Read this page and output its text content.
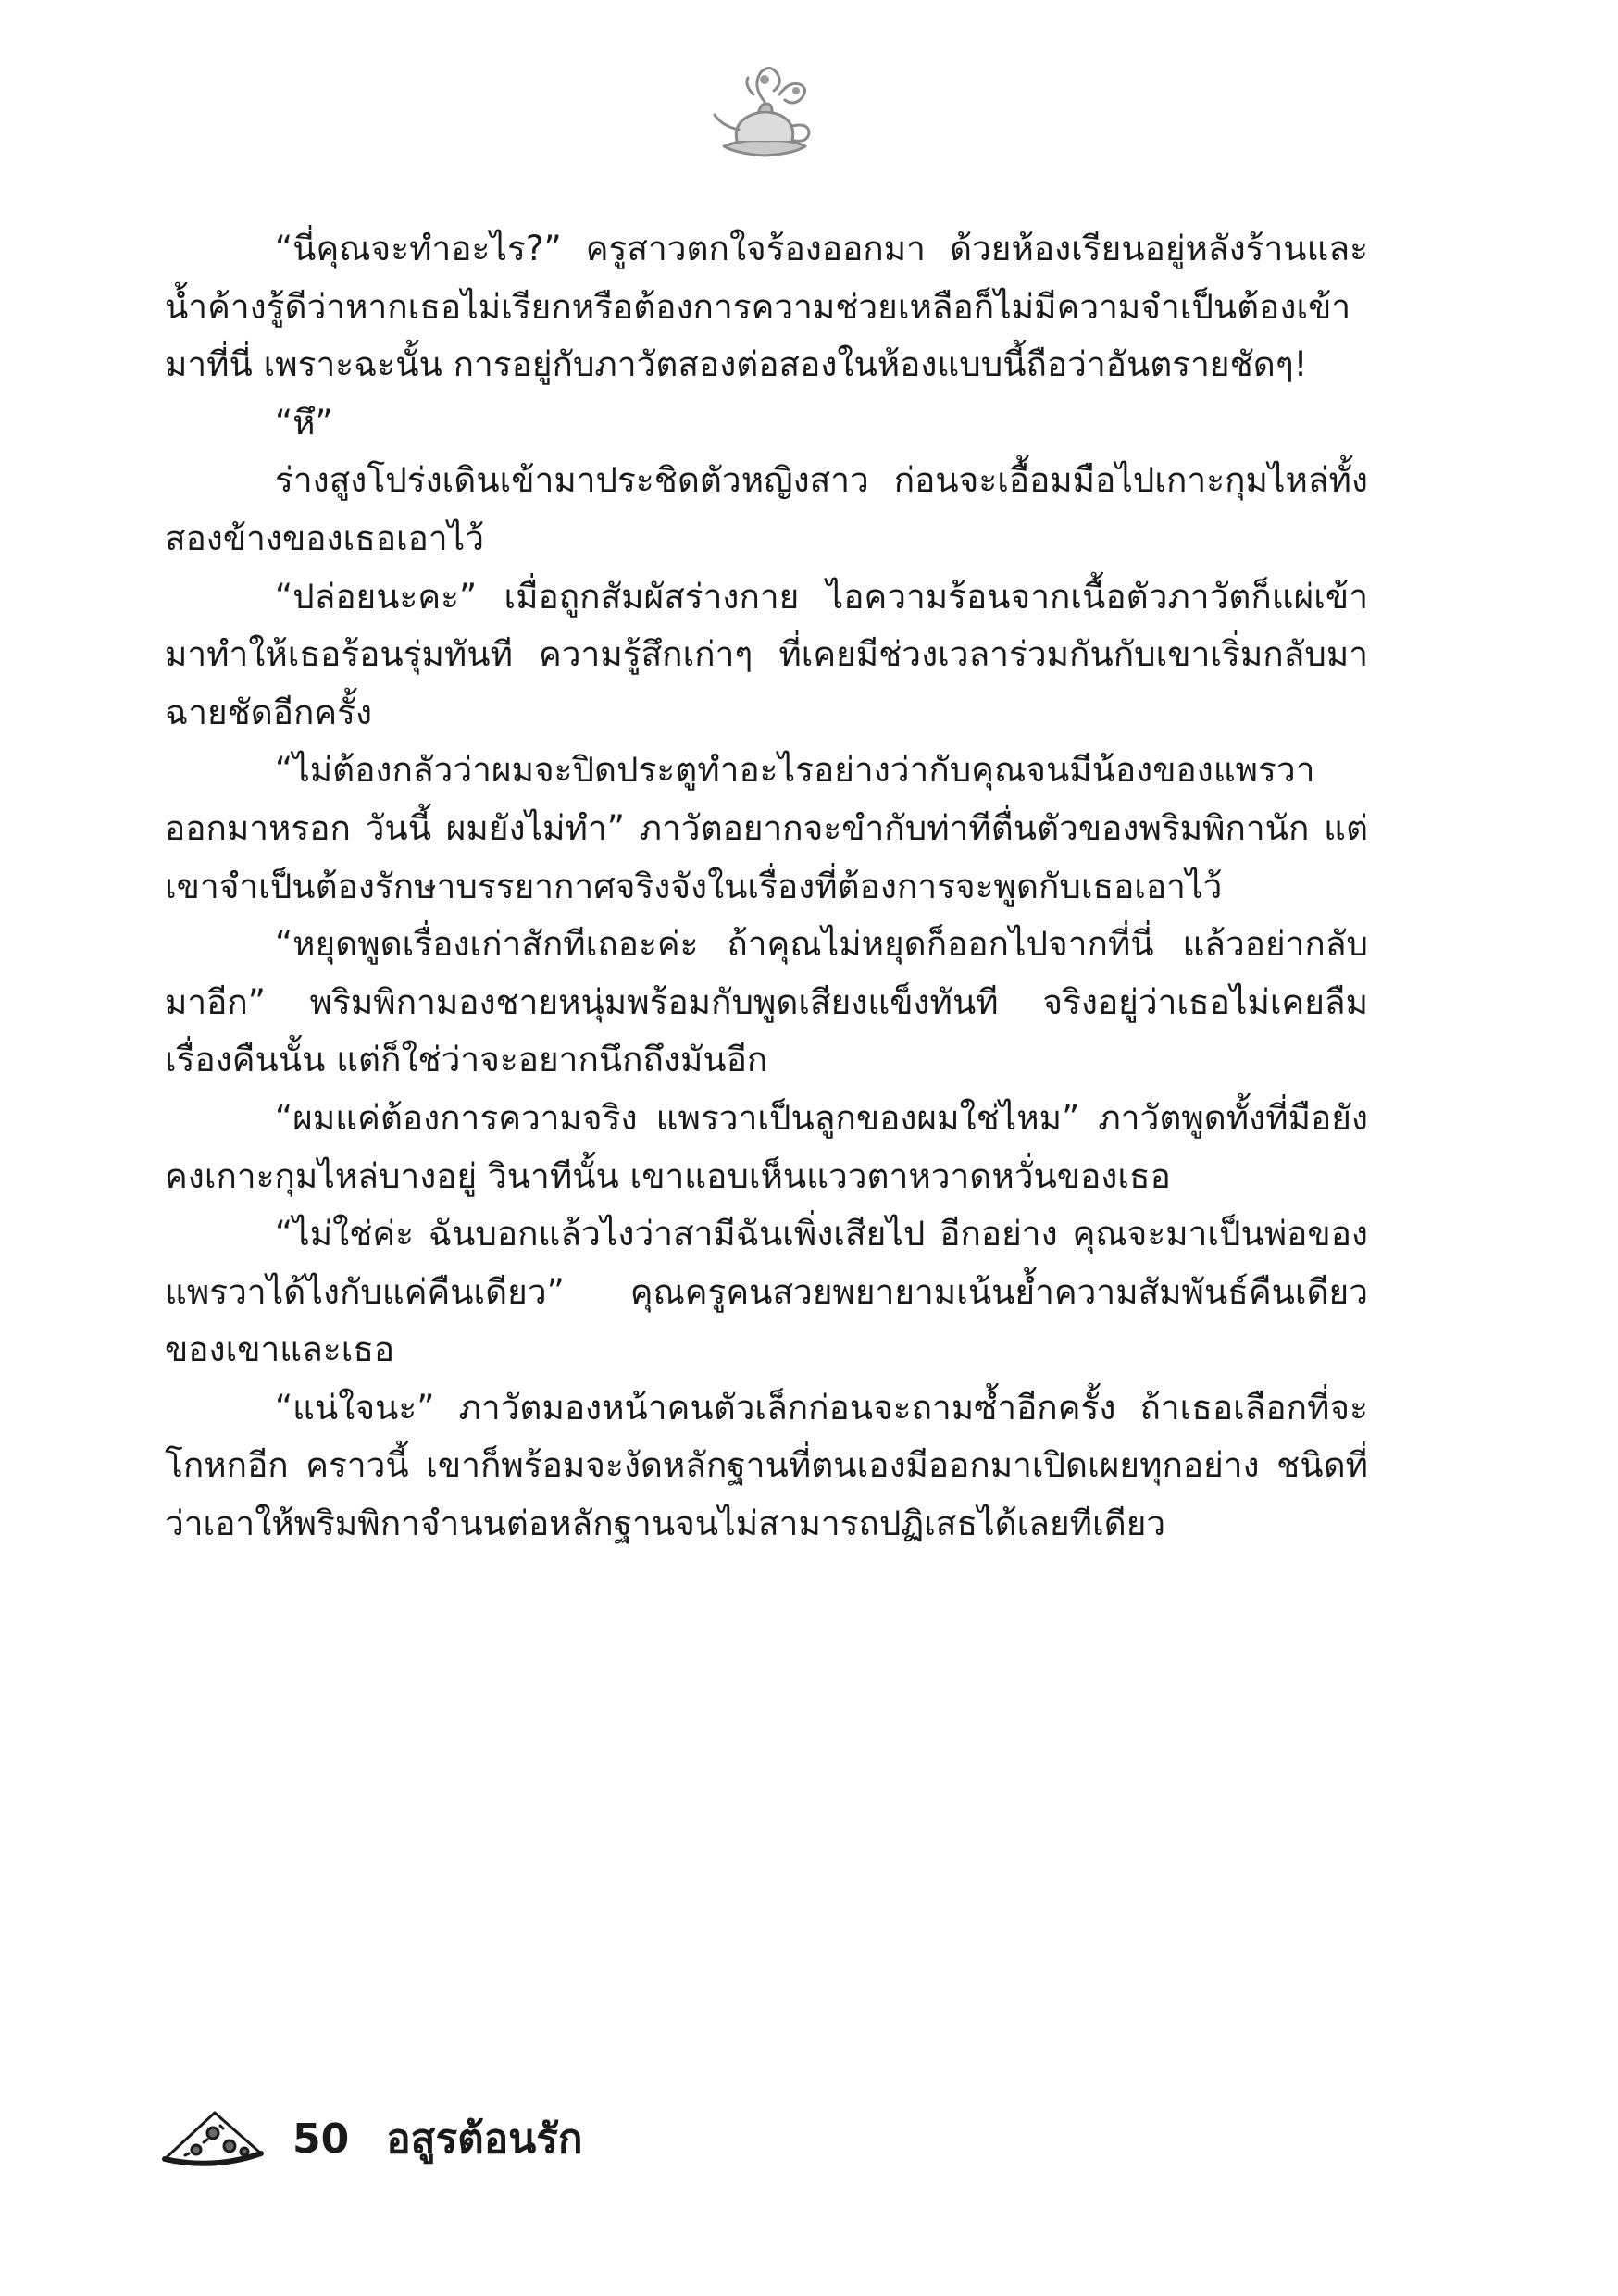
“นี่คุณจะทำอะไร?” ครูสาวตกใจร้องออกมา ด้วยห้องเรียนอยู่หลังร้านและน้ำค้างรู้ดีว่าหากเธอไม่เรียกหรือต้องการความช่วยเหลือก็ไม่มีความจำเป็นต้องเข้ามาที่นี่ เพราะฉะนั้น การอยู่กับภาวัตสองต่อสองในห้องแบบนี้ถือว่าอันตรายชัดๆ!

“หึ”

ร่างสูงโปร่งเดินเข้ามาประชิดตัวหญิงสาว ก่อนจะเอื้อมมือไปเกาะกุมไหล่ทั้งสองข้างของเธอเอาไว้

“ปล่อยนะคะ” เมื่อถูกสัมผัสร่างกาย ไอความร้อนจากเนื้อตัวภาวัตก็แผ่เข้ามาทำให้เธอร้อนรุ่มทันที ความรู้สึกเก่าๆ ที่เคยมีช่วงเวลาร่วมกันกับเขาเริ่มกลับมาฉายชัดอีกครั้ง

“ไม่ต้องกลัวว่าผมจะปิดประตูทำอะไรอย่างว่ากับคุณจนมีน้องของแพรวาออกมาหรอก วันนี้ ผมยังไม่ทำ” ภาวัตอยากจะขำกับท่าทีตื่นตัวของพริมพิกานัก แต่เขาจำเป็นต้องรักษาบรรยากาศจริงจังในเรื่องที่ต้องการจะพูดกับเธอเอาไว้

“หยุดพูดเรื่องเก่าสักทีเถอะค่ะ ถ้าคุณไม่หยุดก็ออกไปจากที่นี่ แล้วอย่ากลับมาอีก” พริมพิกามองชายหนุ่มพร้อมกับพูดเสียงแข็งทันที จริงอยู่ว่าเธอไม่เคยลืมเรื่องคืนนั้น แต่ก็ใช่ว่าจะอยากนึกถึงมันอีก

“ผมแค่ต้องการความจริง แพรวาเป็นลูกของผมใช่ไหม” ภาวัตพูดทั้งที่มือยังคงเกาะกุมไหล่บางอยู่ วินาทีนั้น เขาแอบเห็นแววตาหวาดหวั่นของเธอ

“ไม่ใช่ค่ะ ฉันบอกแล้วไงว่าสามีฉันเพิ่งเสียไป อีกอย่าง คุณจะมาเป็นพ่อของแพรวาได้ไงกับแค่คืนเดียว” คุณครูคนสวยพยายามเน้นย้ำความสัมพันธ์คืนเดียวของเขาและเธอ

“แน่ใจนะ” ภาวัตมองหน้าคนตัวเล็กก่อนจะถามซ้ำอีกครั้ง ถ้าเธอเลือกที่จะโกหกอีก คราวนี้ เขาก็พร้อมจะงัดหลักฐานที่ตนเองมีออกมาเปิดเผยทุกอย่าง ชนิดที่ว่าเอาให้พริมพิกาจำนนต่อหลักฐานจนไม่สามารถปฏิเสธได้เลยทีเดียว

50 อสูรต้อนรัก
